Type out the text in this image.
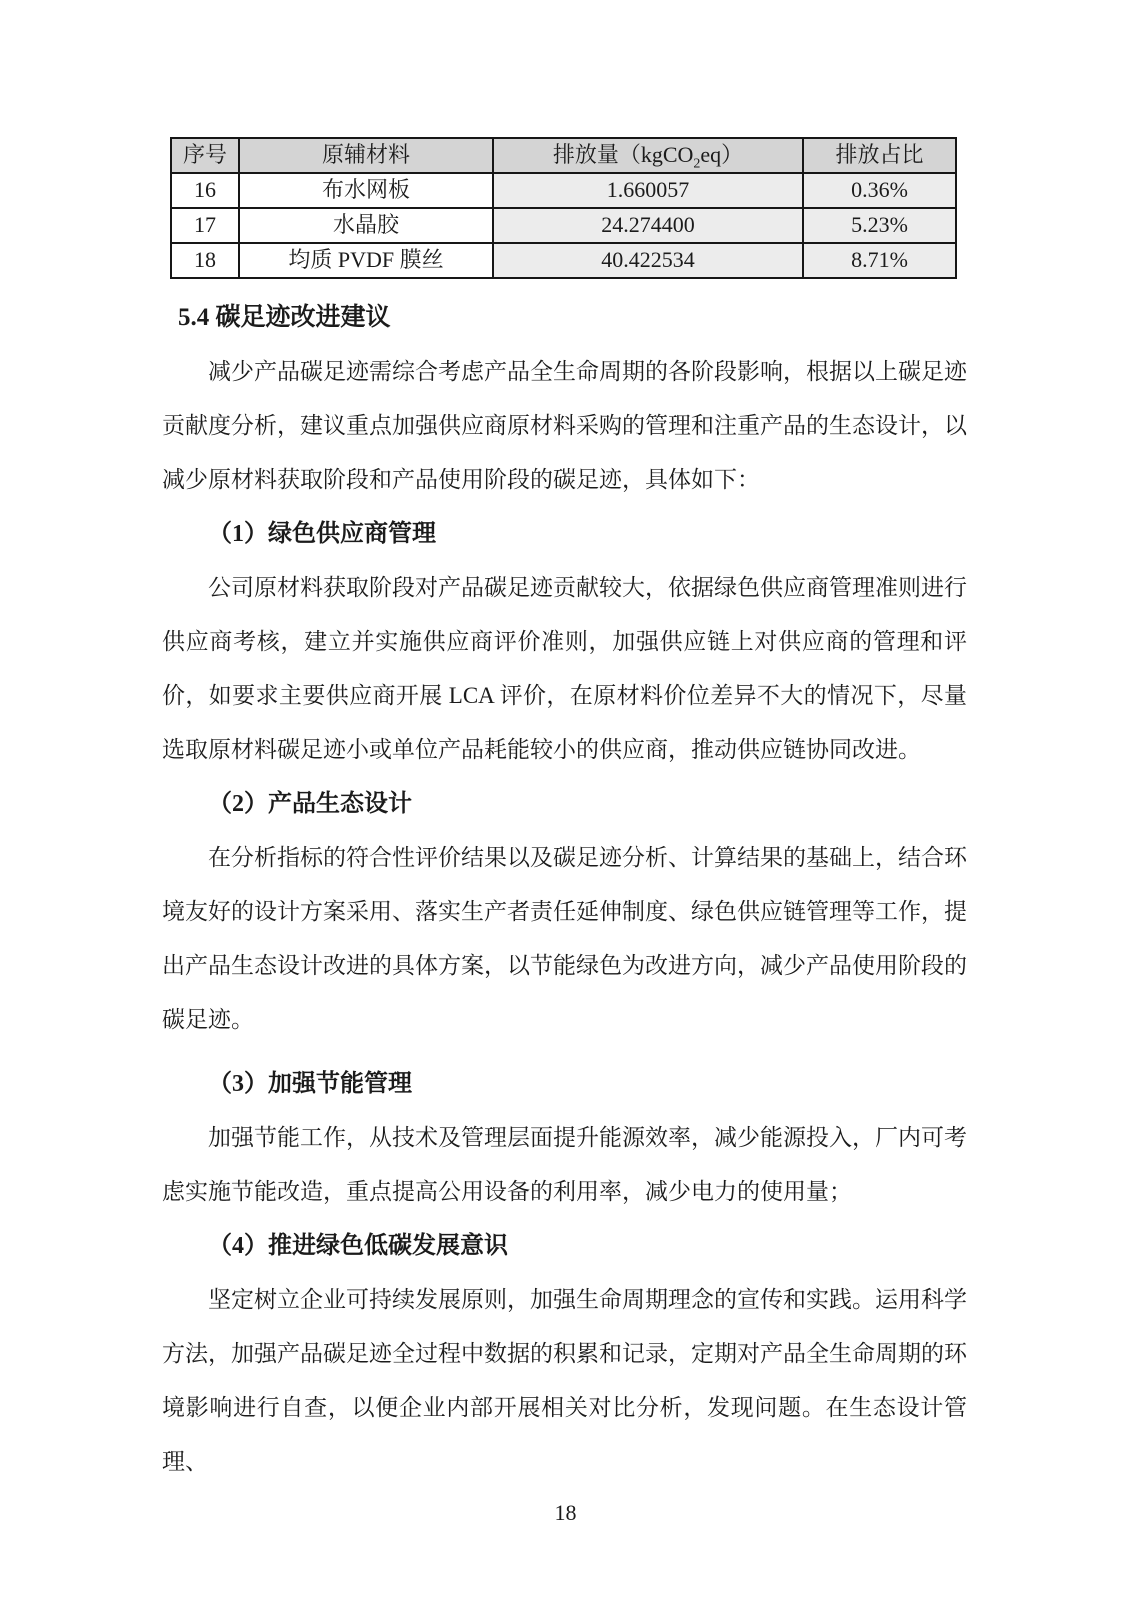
序号	原辅材料	排放量（kgCO$_2$eq）	排放占比
16	布水网板	1.660057	0.36%
17	水晶胶	24.274400	5.23%
18	均质 PVDF 膜丝	40.422534	8.71%
5.4 碳足迹改进建议

减少产品碳足迹需综合考虑产品全生命周期的各阶段影响，根据以上碳足迹贡献度分析，建议重点加强供应商原材料采购的管理和注重产品的生态设计，以减少原材料获取阶段和产品使用阶段的碳足迹，具体如下：

（1）绿色供应商管理

公司原材料获取阶段对产品碳足迹贡献较大，依据绿色供应商管理准则进行供应商考核，建立并实施供应商评价准则，加强供应链上对供应商的管理和评价，如要求主要供应商开展 LCA 评价，在原材料价位差异不大的情况下，尽量选取原材料碳足迹小或单位产品耗能较小的供应商，推动供应链协同改进。

（2）产品生态设计

在分析指标的符合性评价结果以及碳足迹分析、计算结果的基础上，结合环境友好的设计方案采用、落实生产者责任延伸制度、绿色供应链管理等工作，提出产品生态设计改进的具体方案，以节能绿色为改进方向，减少产品使用阶段的碳足迹。

（3）加强节能管理

加强节能工作，从技术及管理层面提升能源效率，减少能源投入，厂内可考虑实施节能改造，重点提高公用设备的利用率，减少电力的使用量；

（4）推进绿色低碳发展意识

坚定树立企业可持续发展原则，加强生命周期理念的宣传和实践。运用科学方法，加强产品碳足迹全过程中数据的积累和记录，定期对产品全生命周期的环境影响进行自查，以便企业内部开展相关对比分析，发现问题。在生态设计管理、

18
